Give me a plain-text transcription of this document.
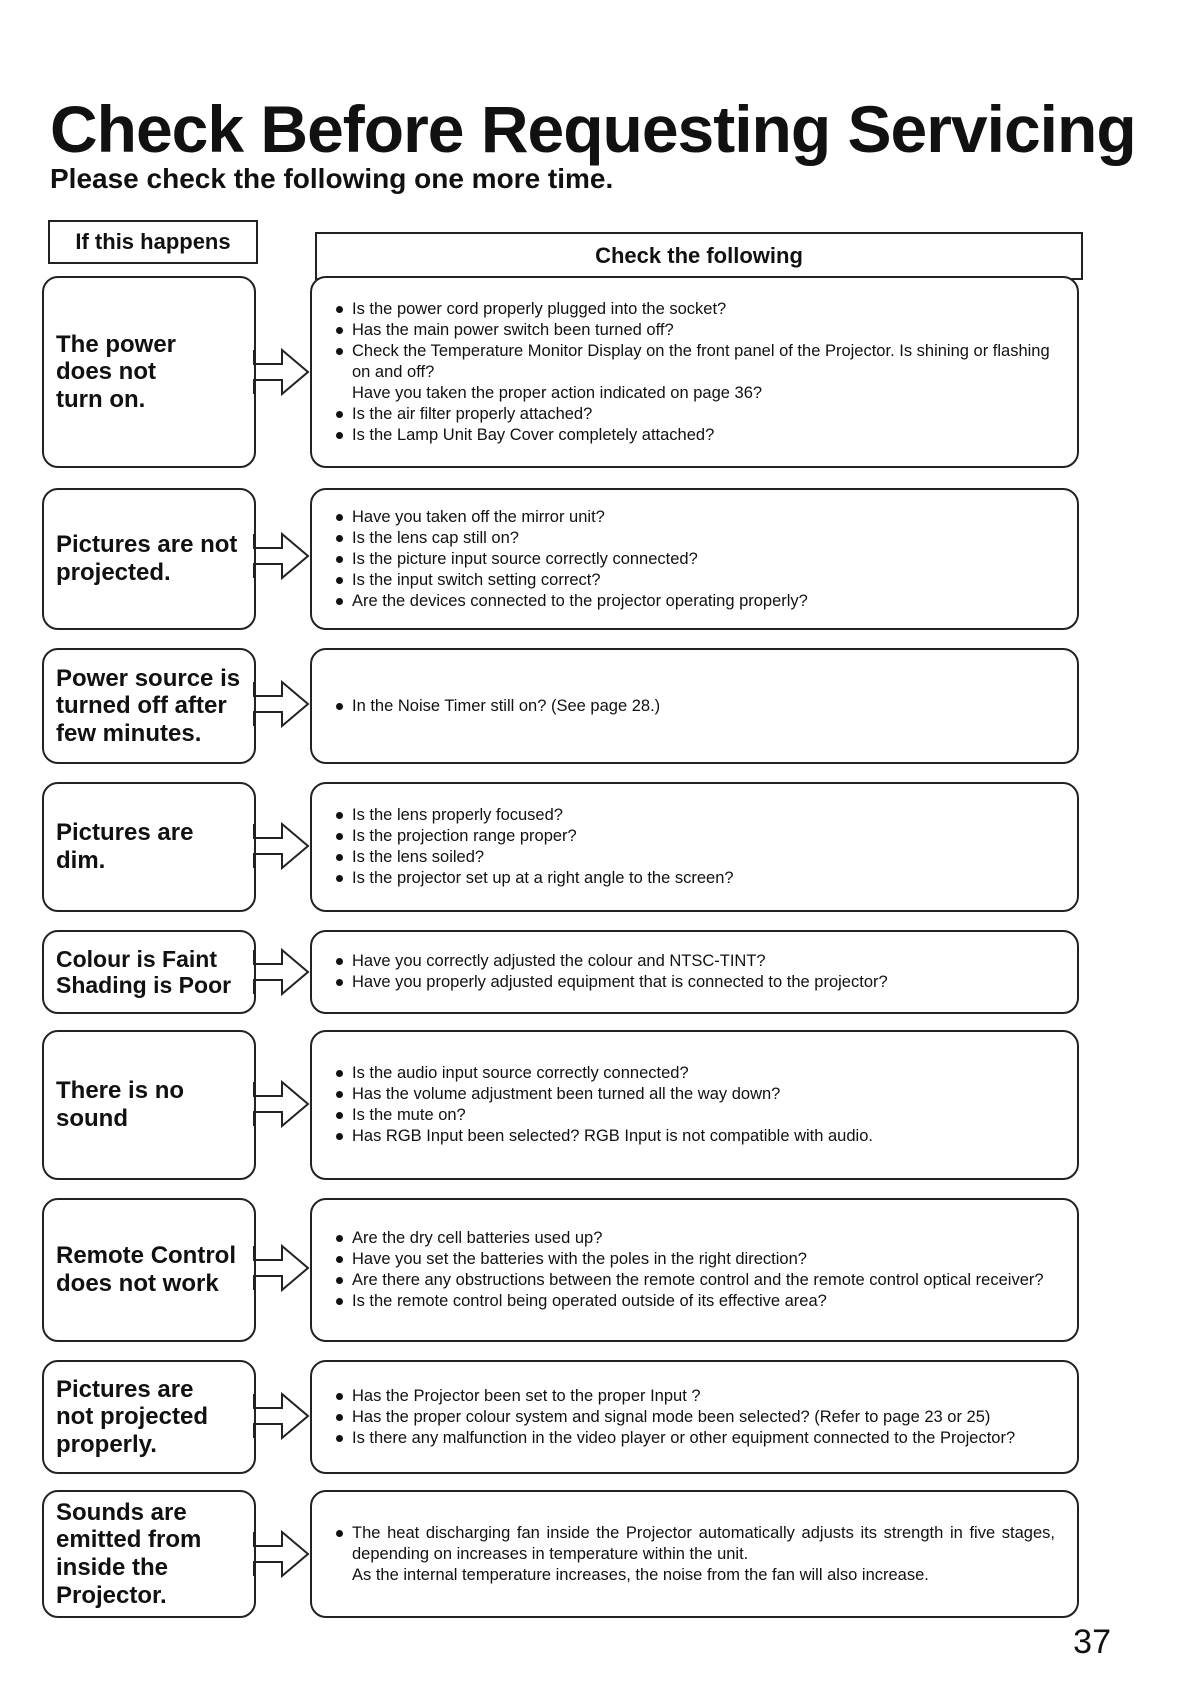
Check Before Requesting Servicing
Please check the following one more time.
If this happens
Check the following
The power does not turn on.
Is the power cord properly plugged into the socket?
Has the main power switch been turned off?
Check the Temperature Monitor Display on the front panel of the Projector. Is shining or flashing on and off?
Have you taken the proper action indicated on page 36?
Is the air filter properly attached?
Is the Lamp Unit Bay Cover completely attached?
Pictures are not projected.
Have you taken off the mirror unit?
Is the lens cap still on?
Is the picture input source correctly connected?
Is the input switch setting correct?
Are the devices connected to the projector operating properly?
Power source is turned off after few minutes.
In the Noise Timer still on? (See page 28.)
Pictures are dim.
Is the lens properly focused?
Is the projection range proper?
Is the lens soiled?
Is the projector set up at a right angle to the screen?
Colour is Faint Shading is Poor
Have you correctly adjusted the colour and NTSC-TINT?
Have you properly adjusted equipment that is connected to the projector?
There is no sound
Is the audio input source correctly connected?
Has the volume adjustment been turned all the way down?
Is the mute on?
Has RGB Input been selected? RGB Input is not compatible with audio.
Remote Control does not work
Are the dry cell batteries used up?
Have you set the batteries with the poles in the right direction?
Are there any obstructions between the remote control and the remote control optical receiver?
Is the remote control being operated outside of its effective area?
Pictures are not projected properly.
Has the Projector been set to the proper Input ?
Has the proper colour system and signal mode been selected? (Refer to page 23 or 25)
Is there any malfunction in the video player or other equipment connected to the Projector?
Sounds are emitted from inside the Projector.
The heat discharging fan inside the Projector automatically adjusts its strength in five stages, depending on increases in temperature within the unit.
As the internal temperature increases, the noise from the fan will also increase.
37
